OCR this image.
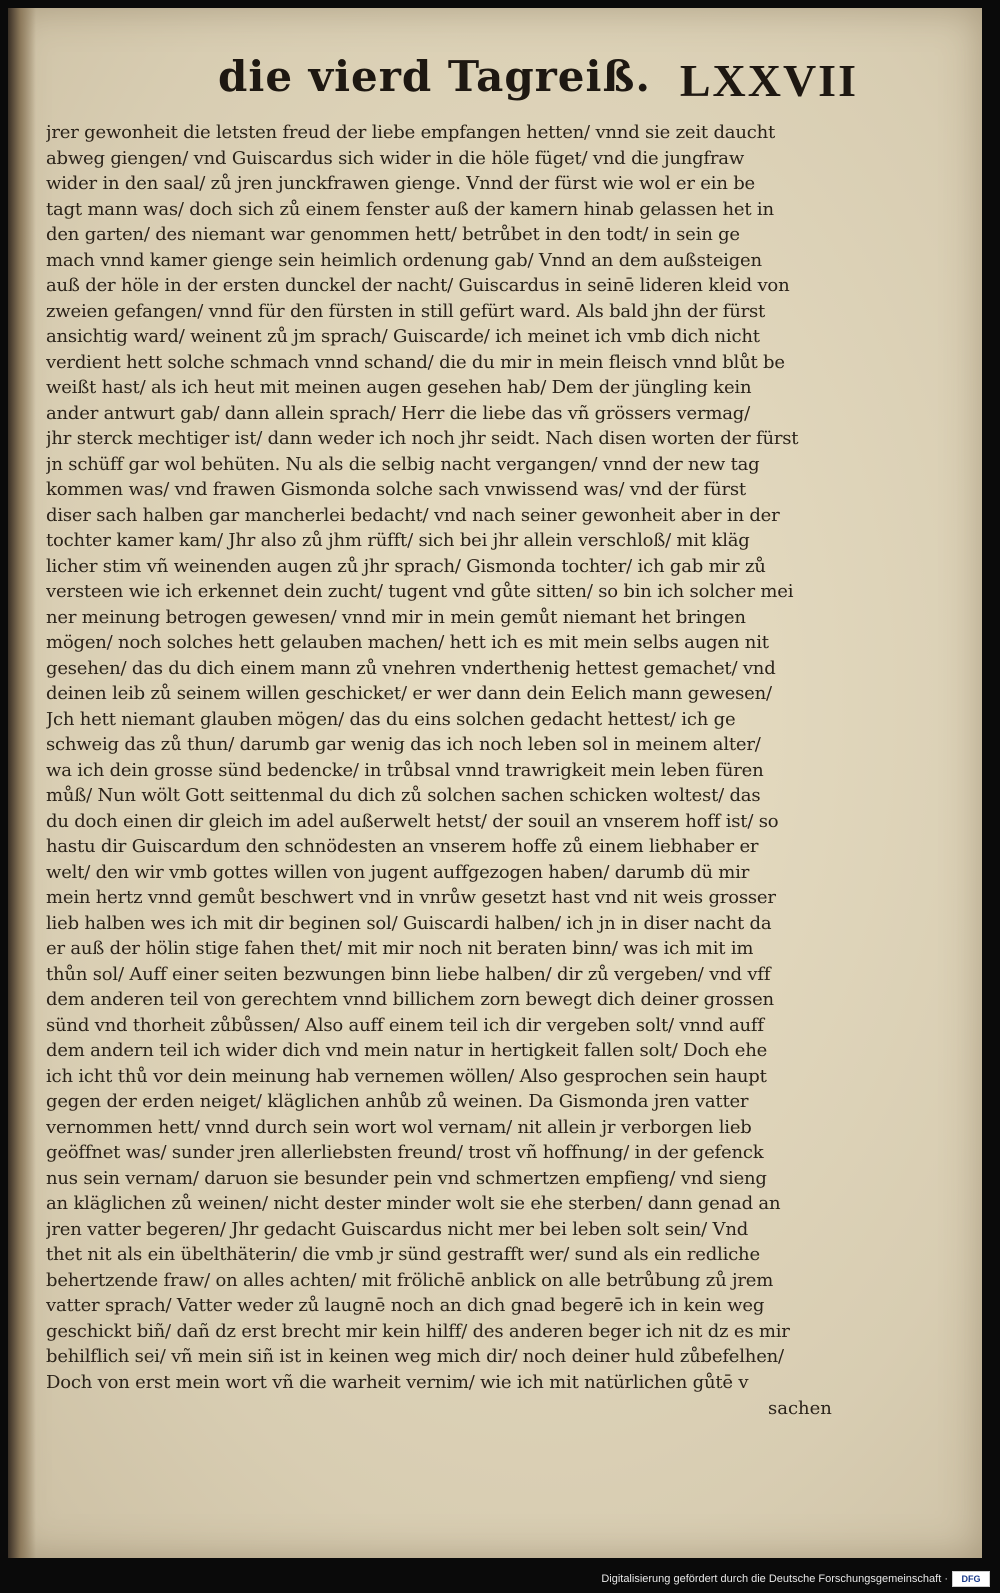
die vierd Tagreiß. LXXVII
jrer gewonheit die letsten freud der liebe empfangen hetten/ vnnd sie zeit daucht
abweg giengen/ vnd Guiscardus sich wider in die höle füget/ vnd die jungfraw
wider in den saal/ zů jren junckfrawen gienge. Vnnd der fürst wie wol er ein be
tagt mann was/ doch sich zů einem fenster auß der kamern hinab gelassen het in
den garten/ des niemant war genommen hett/ betrůbet in den todt/ in sein ge
mach vnnd kamer gienge sein heimlich ordenung gab/ Vnnd an dem außsteigen
auß der höle in der ersten dunckel der nacht/ Guiscardus in seinē lideren kleid von
zweien gefangen/ vnnd für den fürsten in still gefürt ward. Als bald jhn der fürst
ansichtig ward/ weinent zů jm sprach/ Guiscarde/ ich meinet ich vmb dich nicht
verdient hett solche schmach vnnd schand/ die du mir in mein fleisch vnnd blůt be
weißt hast/ als ich heut mit meinen augen gesehen hab/ Dem der jüngling kein
ander antwurt gab/ dann allein sprach/ Herr die liebe das vñ grössers vermag/
jhr sterck mechtiger ist/ dann weder ich noch jhr seidt. Nach disen worten der fürst
jn schüff gar wol behüten. Nu als die selbig nacht vergangen/ vnnd der new tag
kommen was/ vnd frawen Gismonda solche sach vnwissend was/ vnd der fürst
diser sach halben gar mancherlei bedacht/ vnd nach seiner gewonheit aber in der
tochter kamer kam/ Jhr also zů jhm rüfft/ sich bei jhr allein verschloß/ mit kläg
licher stim vñ weinenden augen zů jhr sprach/ Gismonda tochter/ ich gab mir zů
versteen wie ich erkennet dein zucht/ tugent vnd gůte sitten/ so bin ich solcher mei
ner meinung betrogen gewesen/ vnnd mir in mein gemůt niemant het bringen
mögen/ noch solches hett gelauben machen/ hett ich es mit mein selbs augen nit
gesehen/ das du dich einem mann zů vnehren vnderthenig hettest gemachet/ vnd
deinen leib zů seinem willen geschicket/ er wer dann dein Eelich mann gewesen/
Jch hett niemant glauben mögen/ das du eins solchen gedacht hettest/ ich ge
schweig das zů thun/ darumb gar wenig das ich noch leben sol in meinem alter/
wa ich dein grosse sünd bedencke/ in trůbsal vnnd trawrigkeit mein leben füren
můß/ Nun wölt Gott seittenmal du dich zů solchen sachen schicken woltest/ das
du doch einen dir gleich im adel außerwelt hetst/ der souil an vnserem hoff ist/ so
hastu dir Guiscardum den schnödesten an vnserem hoffe zů einem liebhaber er
welt/ den wir vmb gottes willen von jugent auffgezogen haben/ darumb dü mir
mein hertz vnnd gemůt beschwert vnd in vnrůw gesetzt hast vnd nit weis grosser
lieb halben wes ich mit dir beginen sol/ Guiscardi halben/ ich jn in diser nacht da
er auß der hölin stige fahen thet/ mit mir noch nit beraten binn/ was ich mit im
thůn sol/ Auff einer seiten bezwungen binn liebe halben/ dir zů vergeben/ vnd vff
dem anderen teil von gerechtem vnnd billichem zorn bewegt dich deiner grossen
sünd vnd thorheit zůbůssen/ Also auff einem teil ich dir vergeben solt/ vnnd auff
dem andern teil ich wider dich vnd mein natur in hertigkeit fallen solt/ Doch ehe
ich icht thů vor dein meinung hab vernemen wöllen/ Also gesprochen sein haupt
gegen der erden neiget/ kläglichen anhůb zů weinen. Da Gismonda jren vatter
vernommen hett/ vnnd durch sein wort wol vernam/ nit allein jr verborgen lieb
geöffnet was/ sunder jren allerliebsten freund/ trost vñ hoffnung/ in der gefenck
nus sein vernam/ daruon sie besunder pein vnd schmertzen empfieng/ vnd sieng
an kläglichen zů weinen/ nicht dester minder wolt sie ehe sterben/ dann genad an
jren vatter begeren/ Jhr gedacht Guiscardus nicht mer bei leben solt sein/ Vnd
thet nit als ein übelthäterin/ die vmb jr sünd gestrafft wer/ sund als ein redliche
behertzende fraw/ on alles achten/ mit frölichē anblick on alle betrůbung zů jrem
vatter sprach/ Vatter weder zů laugnē noch an dich gnad begerē ich in kein weg
geschickt biñ/ dañ dz erst brecht mir kein hilff/ des anderen beger ich nit dz es mir
behilflich sei/ vñ mein siñ ist in keinen weg mich dir/ noch deiner huld zůbefelhen/
Doch von erst mein wort vñ die warheit vernim/ wie ich mit natürlichen gůtē v
sachen
Digitalisierung gefördert durch die Deutsche Forschungsgemeinschaft ·	DFG
